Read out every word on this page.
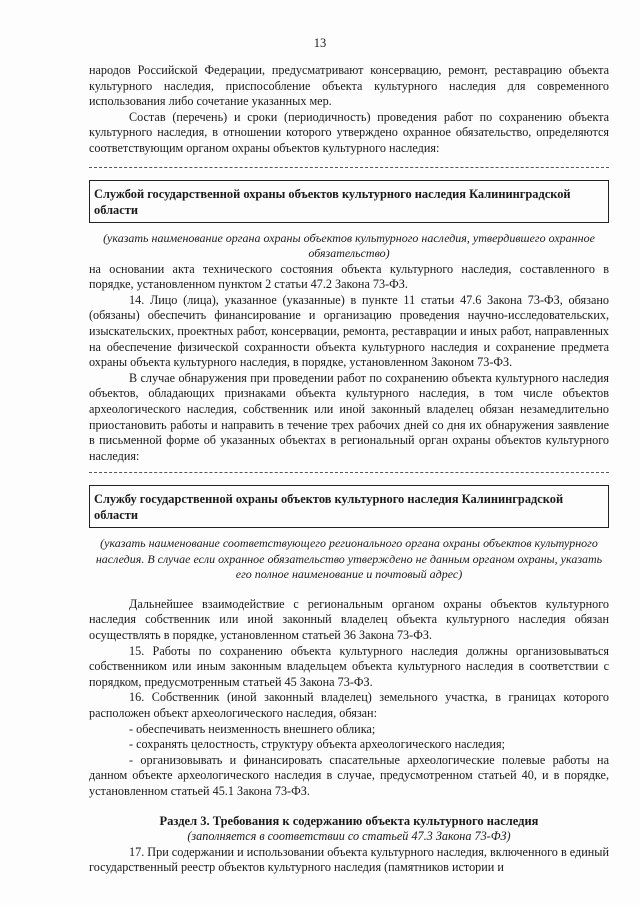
13

народов Российской Федерации, предусматривают консервацию, ремонт, реставрацию объекта культурного наследия, приспособление объекта культурного наследия для современного использования либо сочетание указанных мер.

Состав (перечень) и сроки (периодичность) проведения работ по сохранению объекта культурного наследия, в отношении которого утверждено охранное обязательство, определяются соответствующим органом охраны объектов культурного наследия:

Службой государственной охраны объектов культурного наследия Калининградской области

(указать наименование органа охраны объектов культурного наследия, утвердившего охранное обязательство)

на основании акта технического состояния объекта культурного наследия, составленного в порядке, установленном пунктом 2 статьи 47.2 Закона 73-ФЗ.

14. Лицо (лица), указанное (указанные) в пункте 11 статьи 47.6 Закона 73-ФЗ, обязано (обязаны) обеспечить финансирование и организацию проведения научно-исследовательских, изыскательских, проектных работ, консервации, ремонта, реставрации и иных работ, направленных на обеспечение физической сохранности объекта культурного наследия и сохранение предмета охраны объекта культурного наследия, в порядке, установленном Законом 73-ФЗ.

В случае обнаружения при проведении работ по сохранению объекта культурного наследия объектов, обладающих признаками объекта культурного наследия, в том числе объектов археологического наследия, собственник или иной законный владелец обязан незамедлительно приостановить работы и направить в течение трех рабочих дней со дня их обнаружения заявление в письменной форме об указанных объектах в региональный орган охраны объектов культурного наследия:

Службу государственной охраны объектов культурного наследия Калининградской области

(указать наименование соответствующего регионального органа охраны объектов культурного наследия. В случае если охранное обязательство утверждено не данным органом охраны, указать его полное наименование и почтовый адрес)

Дальнейшее взаимодействие с региональным органом охраны объектов культурного наследия собственник или иной законный владелец объекта культурного наследия обязан осуществлять в порядке, установленном статьей 36 Закона 73-ФЗ.

15. Работы по сохранению объекта культурного наследия должны организовываться собственником или иным законным владельцем объекта культурного наследия в соответствии с порядком, предусмотренным статьей 45 Закона 73-ФЗ.

16. Собственник (иной законный владелец) земельного участка, в границах которого расположен объект археологического наследия, обязан:

- обеспечивать неизменность внешнего облика;

- сохранять целостность, структуру объекта археологического наследия;

- организовывать и финансировать спасательные археологические полевые работы на данном объекте археологического наследия в случае, предусмотренном статьей 40, и в порядке, установленном статьей 45.1 Закона 73-ФЗ.

Раздел 3. Требования к содержанию объекта культурного наследия

(заполняется в соответствии со статьей 47.3 Закона 73-ФЗ)

17. При содержании и использовании объекта культурного наследия, включенного в единый государственный реестр объектов культурного наследия (памятников истории и
